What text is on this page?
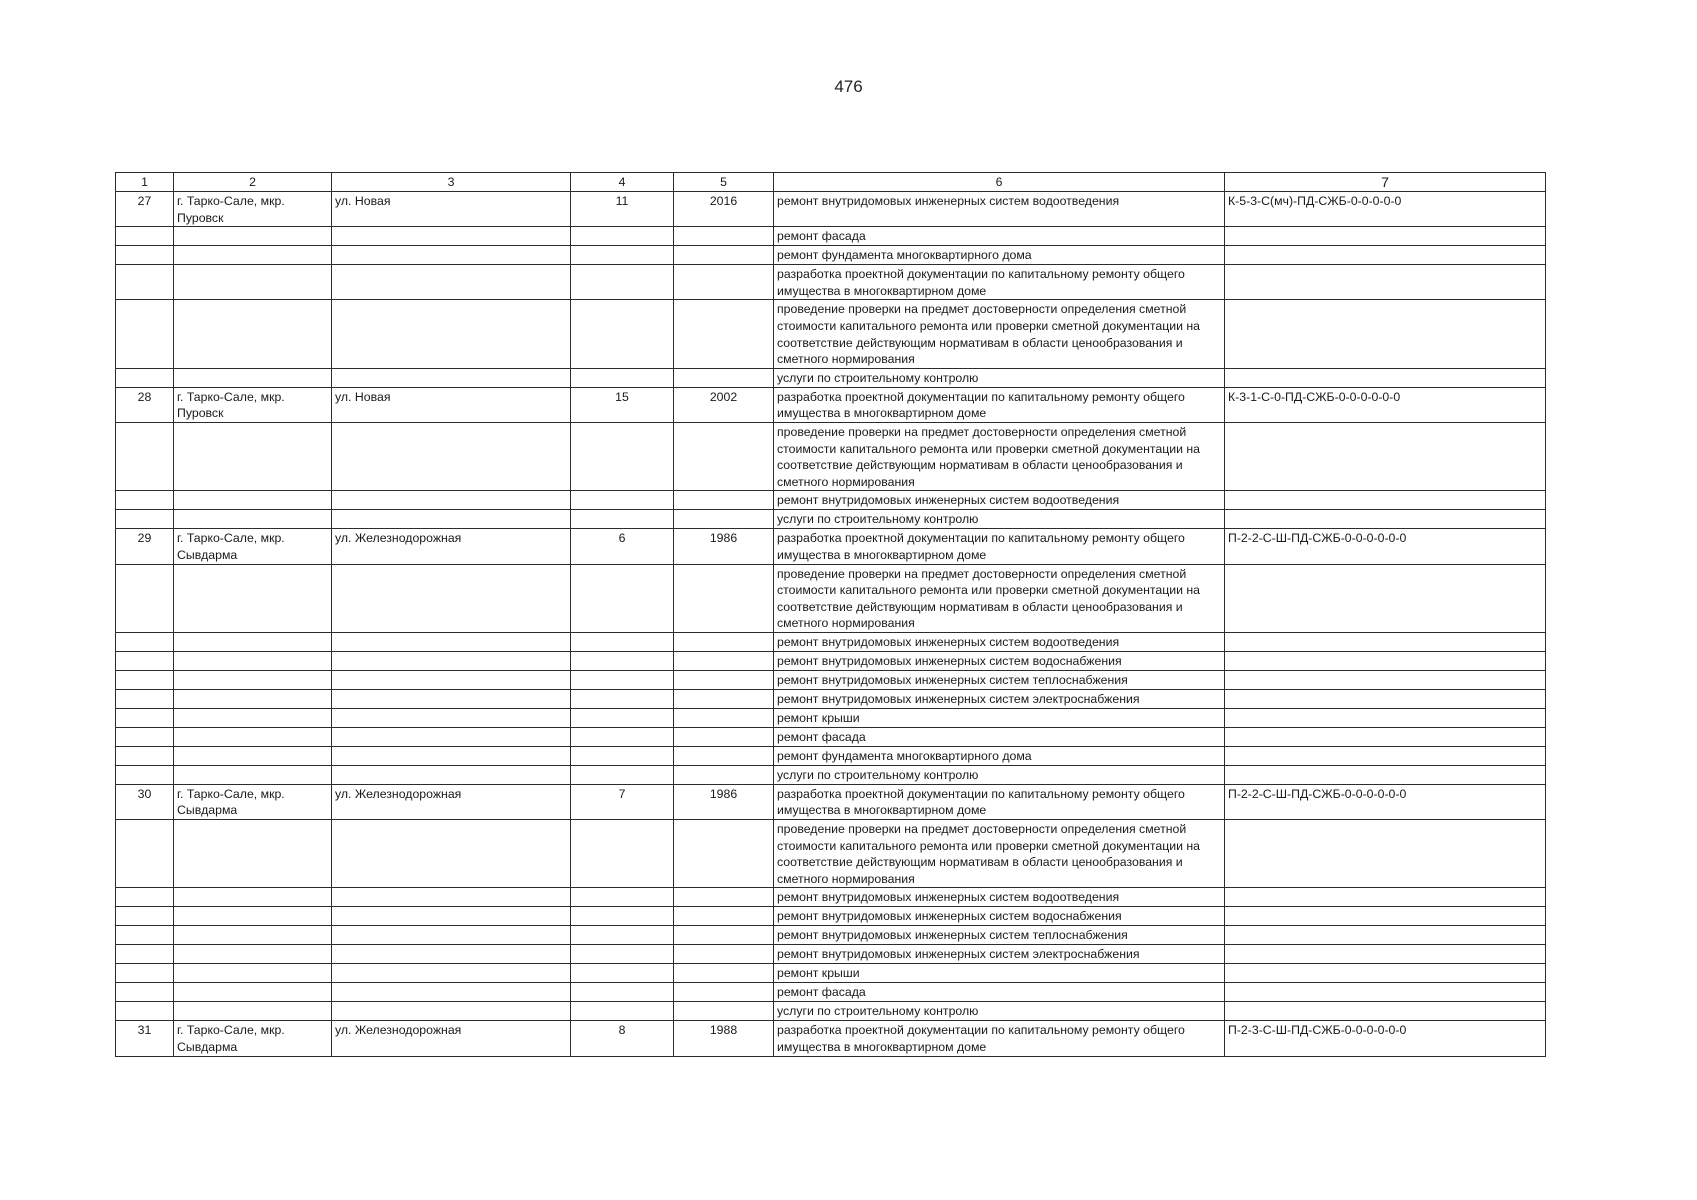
476
1	2	3	4	5	6	7
27	г. Тарко-Сале, мкр. Пуровск	ул. Новая	11	2016	ремонт внутридомовых инженерных систем водоотведения	К-5-3-С(мч)-ПД-СЖБ-0-0-0-0-0
					ремонт фасада	
					ремонт фундамента многоквартирного дома	
					разработка проектной документации по капитальному ремонту общего имущества в многоквартирном доме	
					проведение проверки на предмет достоверности определения сметной стоимости капитального ремонта или проверки сметной документации на соответствие действующим нормативам в области ценообразования и сметного нормирования	
					услуги по строительному контролю	
28	г. Тарко-Сале, мкр. Пуровск	ул. Новая	15	2002	разработка проектной документации по капитальному ремонту общего имущества в многоквартирном доме	К-3-1-С-0-ПД-СЖБ-0-0-0-0-0-0
					проведение проверки на предмет достоверности определения сметной стоимости капитального ремонта или проверки сметной документации на соответствие действующим нормативам в области ценообразования и сметного нормирования	
					ремонт внутридомовых инженерных систем водоотведения	
					услуги по строительному контролю	
29	г. Тарко-Сале, мкр. Сывдарма	ул. Железнодорожная	6	1986	разработка проектной документации по капитальному ремонту общего имущества в многоквартирном доме	П-2-2-С-Ш-ПД-СЖБ-0-0-0-0-0-0
					проведение проверки на предмет достоверности определения сметной стоимости капитального ремонта или проверки сметной документации на соответствие действующим нормативам в области ценообразования и сметного нормирования	
					ремонт внутридомовых инженерных систем водоотведения	
					ремонт внутридомовых инженерных систем водоснабжения	
					ремонт внутридомовых инженерных систем теплоснабжения	
					ремонт внутридомовых инженерных систем электроснабжения	
					ремонт крыши	
					ремонт фасада	
					ремонт фундамента многоквартирного дома	
					услуги по строительному контролю	
30	г. Тарко-Сале, мкр. Сывдарма	ул. Железнодорожная	7	1986	разработка проектной документации по капитальному ремонту общего имущества в многоквартирном доме	П-2-2-С-Ш-ПД-СЖБ-0-0-0-0-0-0
					проведение проверки на предмет достоверности определения сметной стоимости капитального ремонта или проверки сметной документации на соответствие действующим нормативам в области ценообразования и сметного нормирования	
					ремонт внутридомовых инженерных систем водоотведения	
					ремонт внутридомовых инженерных систем водоснабжения	
					ремонт внутридомовых инженерных систем теплоснабжения	
					ремонт внутридомовых инженерных систем электроснабжения	
					ремонт крыши	
					ремонт фасада	
					услуги по строительному контролю	
31	г. Тарко-Сале, мкр. Сывдарма	ул. Железнодорожная	8	1988	разработка проектной документации по капитальному ремонту общего имущества в многоквартирном доме	П-2-3-С-Ш-ПД-СЖБ-0-0-0-0-0-0
